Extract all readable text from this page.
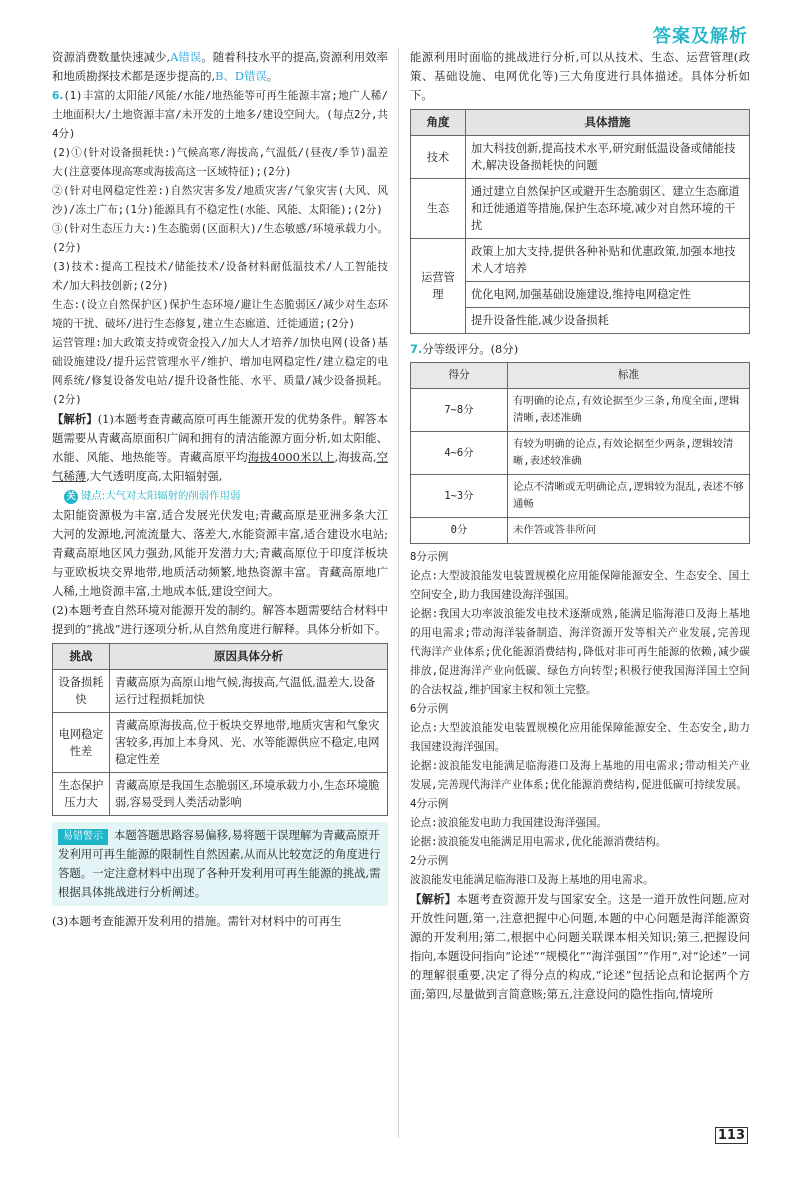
答案及解析

资源消费数量快速减少,A错误。随着科技水平的提高,资源利用效率和地质勘探技术都是逐步提高的,B、D错误。

6.(1)丰富的太阳能/风能/水能/地热能等可再生能源丰富;地广人稀/土地面积大/土地资源丰富/未开发的土地多/建设空间大。(每点2分,共4分)

(2)①(针对设备损耗快:)气候高寒/海拔高,气温低/(昼夜/季节)温差大(注意要体现高寒或海拔高这一区域特征);(2分)

②(针对电网稳定性差:)自然灾害多发/地质灾害/气象灾害(大风、风沙)/冻土广布;(1分)能源具有不稳定性(水能、风能、太阳能);(2分)

③(针对生态压力大:)生态脆弱(区面积大)/生态敏感/环境承载力小。(2分)

(3)技术:提高工程技术/储能技术/设备材料耐低温技术/人工智能技术/加大科技创新;(2分)

生态:(设立自然保护区)保护生态环境/避让生态脆弱区/减少对生态环境的干扰、破坏/进行生态修复,建立生态廊道、迁徙通道;(2分)

运营管理:加大政策支持或资金投入/加大人才培养/加快电网(设备)基础设施建设/提升运营管理水平/维护、增加电网稳定性/建立稳定的电网系统/修复设备发电站/提升设备性能、水平、质量/减少设备损耗。(2分)

【解析】(1)本题考查青藏高原可再生能源开发的优势条件。解答本题需要从青藏高原面积广阔和拥有的清洁能源方面分析,如太阳能、水能、风能、地热能等。青藏高原平均海拔4000米以上,海拔高,空气稀薄,大气透明度高,太阳辐射强,

关 键点:大气对太阳辐射的削弱作用弱

太阳能资源极为丰富,适合发展光伏发电;青藏高原是亚洲多条大江大河的发源地,河流流量大、落差大,水能资源丰富,适合建设水电站;青藏高原地区风力强劲,风能开发潜力大;青藏高原位于印度洋板块与亚欧板块交界地带,地质活动频繁,地热资源丰富。青藏高原地广人稀,土地资源丰富,土地成本低,建设空间大。

(2)本题考查自然环境对能源开发的制约。解答本题需要结合材料中提到的“挑战”进行逐项分析,从自然角度进行解释。具体分析如下。

挑战	原因具体分析
设备损耗快	青藏高原为高原山地气候,海拔高,气温低,温差大,设备运行过程损耗加快
电网稳定性差	青藏高原海拔高,位于板块交界地带,地质灾害和气象灾害较多,再加上本身风、光、水等能源供应不稳定,电网稳定性差
生态保护压力大	青藏高原是我国生态脆弱区,环境承载力小,生态环境脆弱,容易受到人类活动影响
易错警示 本题答题思路容易偏移,易将题干误理解为青藏高原开发利用可再生能源的限制性自然因素,从而从比较宽泛的角度进行答题。一定注意材料中出现了各种开发利用可再生能源的挑战,需根据具体挑战进行分析阐述。

(3)本题考查能源开发利用的措施。需针对材料中的可再生

能源利用时面临的挑战进行分析,可以从技术、生态、运营管理(政策、基础设施、电网优化等)三大角度进行具体描述。具体分析如下。

角度	具体措施
技术	加大科技创新,提高技术水平,研究耐低温设备或储能技术,解决设备损耗快的问题
生态	通过建立自然保护区或避开生态脆弱区、建立生态廊道和迁徙通道等措施,保护生态环境,减少对自然环境的干扰
运营管理	政策上加大支持,提供各种补贴和优惠政策,加强本地技术人才培养
	优化电网,加强基础设施建设,维持电网稳定性
	提升设备性能,减少设备损耗

7.分等级评分。(8分)

得分	标准
7~8分	有明确的论点,有效论据至少三条,角度全面,逻辑清晰,表述准确
4~6分	有较为明确的论点,有效论据至少两条,逻辑较清晰,表述较准确
1~3分	论点不清晰或无明确论点,逻辑较为混乱,表述不够通畅
0分	未作答或答非所问

8分示例

论点:大型波浪能发电装置规模化应用能保障能源安全、生态安全、国土空间安全,助力我国建设海洋强国。

论据:我国大功率波浪能发电技术逐渐成熟,能满足临海港口及海上基地的用电需求;带动海洋装备制造、海洋资源开发等相关产业发展,完善现代海洋产业体系;优化能源消费结构,降低对非可再生能源的依赖,减少碳排放,促进海洋产业向低碳、绿色方向转型;积极行使我国海洋国土空间的合法权益,维护国家主权和领土完整。

6分示例

论点:大型波浪能发电装置规模化应用能保障能源安全、生态安全,助力我国建设海洋强国。

论据:波浪能发电能满足临海港口及海上基地的用电需求;带动相关产业发展,完善现代海洋产业体系;优化能源消费结构,促进低碳可持续发展。

4分示例

论点:波浪能发电助力我国建设海洋强国。

论据:波浪能发电能满足用电需求,优化能源消费结构。

2分示例

波浪能发电能满足临海港口及海上基地的用电需求。

【解析】本题考查资源开发与国家安全。这是一道开放性问题,应对开放性问题,第一,注意把握中心问题,本题的中心问题是海洋能源资源的开发利用;第二,根据中心问题关联课本相关知识;第三,把握设问指向,本题设问指向“论述”“规模化”“海洋强国”“作用”,对“论述”一词的理解很重要,决定了得分点的构成,“论述”包括论点和论据两个方面;第四,尽量做到言简意赅;第五,注意设问的隐性指向,情境所

113
